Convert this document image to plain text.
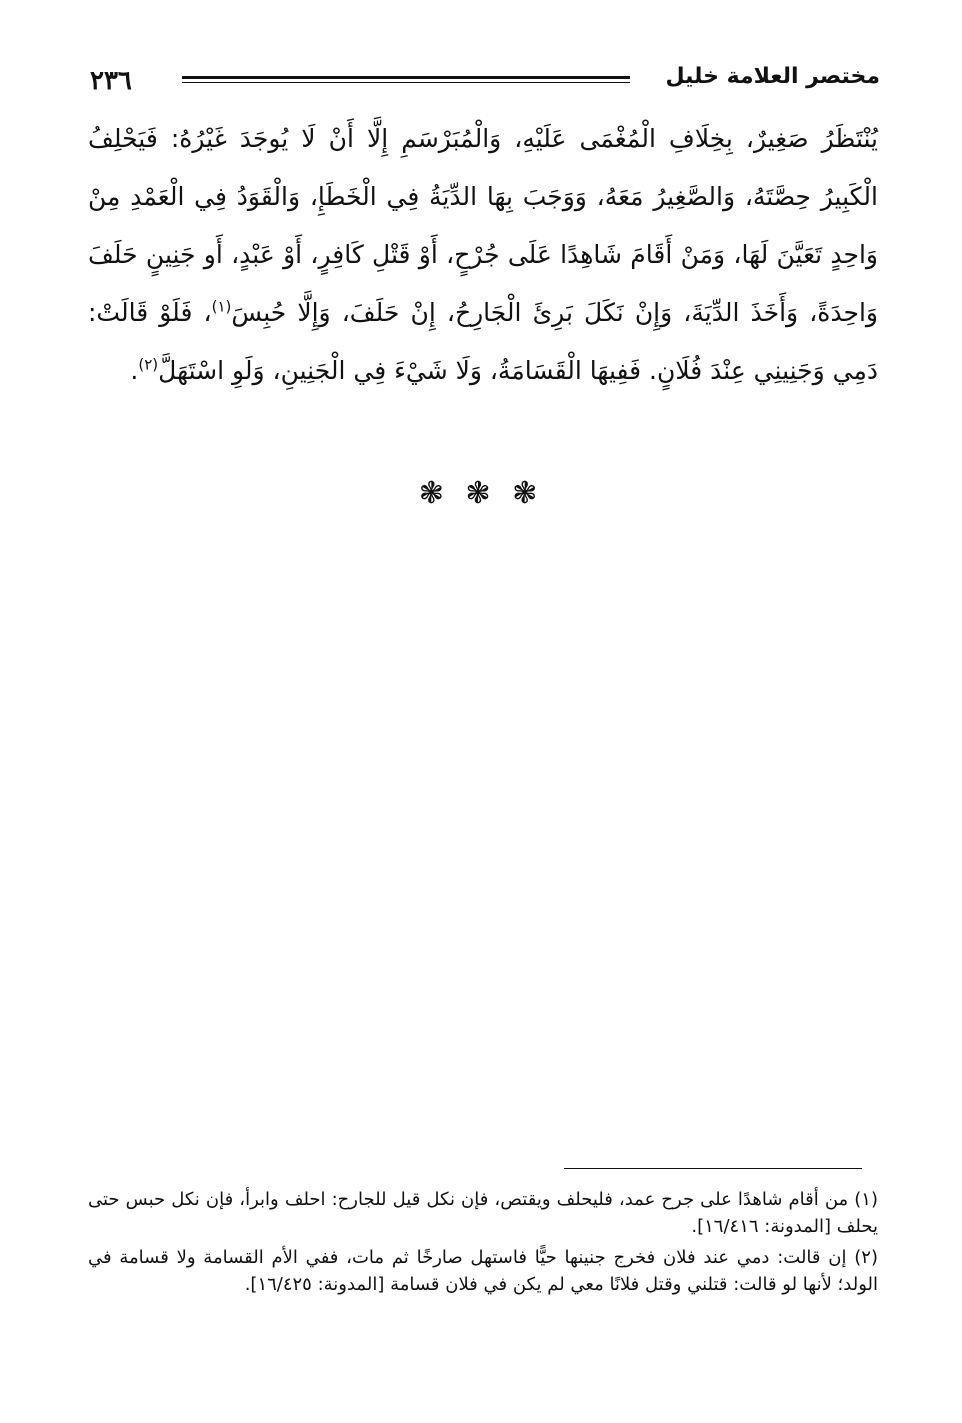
٢٣٦	مختصر العلامة خليل

يُنْتَظَرُ صَغِيرٌ، بِخِلَافِ الْمُغْمَى عَلَيْهِ، وَالْمُبَرْسَمِ إِلَّا أَنْ لَا يُوجَدَ غَيْرُهُ: فَيَحْلِفُ الْكَبِيرُ حِصَّتَهُ، وَالصَّغِيرُ مَعَهُ، وَوَجَبَ بِهَا الدِّيَةُ فِي الْخَطَإِ، وَالْقَوَدُ فِي الْعَمْدِ مِنْ وَاحِدٍ تَعَيَّنَ لَهَا، وَمَنْ أَقَامَ شَاهِدًا عَلَى جُرْحٍ، أَوْ قَتْلِ كَافِرٍ، أَوْ عَبْدٍ، أَو جَنِينٍ حَلَفَ وَاحِدَةً، وَأَخَذَ الدِّيَةَ، وَإِنْ نَكَلَ بَرِئَ الْجَارِحُ، إِنْ حَلَفَ، وَإِلَّا حُبِسَ$^{(١)}$، فَلَوْ قَالَتْ: دَمِي وَجَنِينِي عِنْدَ فُلَانٍ. فَفِيهَا الْقَسَامَةُ، وَلَا شَيْءَ فِي الْجَنِينِ، وَلَوِ اسْتَهَلَّ$^{(٢)}$.

❃ ❃ ❃

(١) من أقام شاهدًا على جرح عمد، فليحلف ويقتص، فإن نكل قيل للجارح: احلف وابرأ، فإن نكل حبس حتى يحلف [المدونة: ١٦/٤١٦].

(٢) إن قالت: دمي عند فلان فخرج جنينها حيًّا فاستهل صارخًا ثم مات، ففي الأم القسامة ولا قسامة في الولد؛ لأنها لو قالت: قتلني وقتل فلانًا معي لم يكن في فلان قسامة [المدونة: ١٦/٤٢٥].
